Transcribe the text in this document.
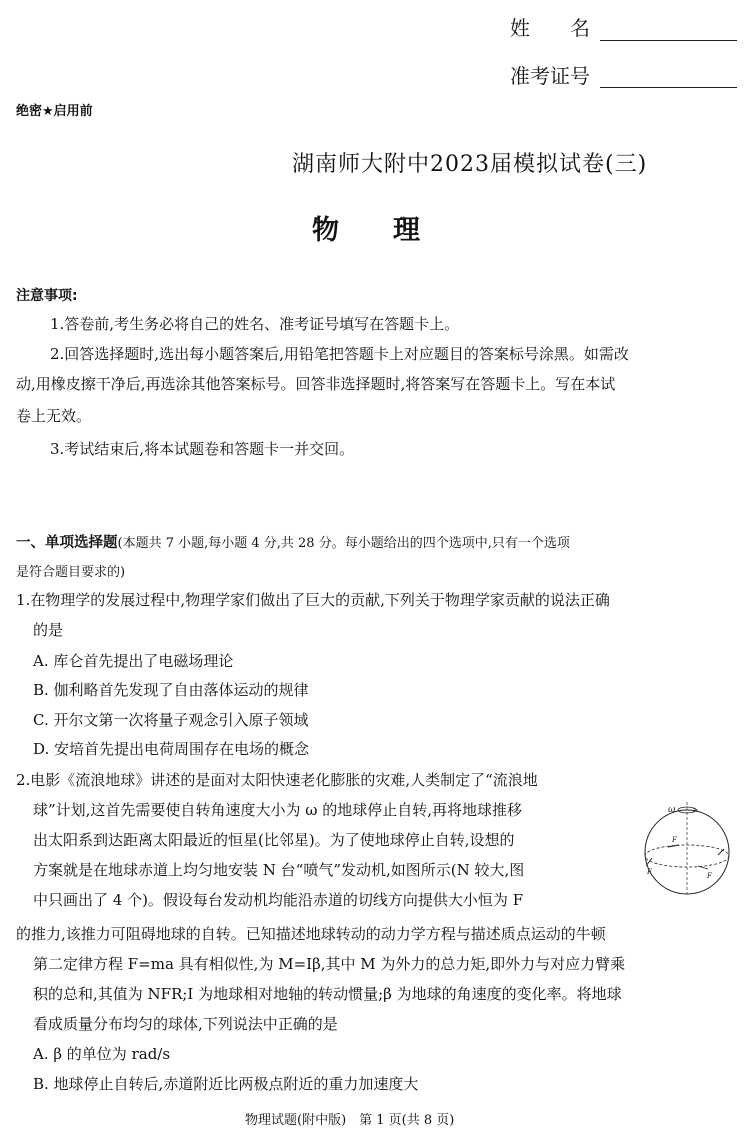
姓　　名
准考证号
绝密★启用前
湖南师大附中2023届模拟试卷(三)
物　　理
注意事项:
1.答卷前,考生务必将自己的姓名、准考证号填写在答题卡上。
2.回答选择题时,选出每小题答案后,用铅笔把答题卡上对应题目的答案标号涂黑。如需改
动,用橡皮擦干净后,再选涂其他答案标号。回答非选择题时,将答案写在答题卡上。写在本试
卷上无效。
3.考试结束后,将本试题卷和答题卡一并交回。
一、单项选择题(本题共 7 小题,每小题 4 分,共 28 分。每小题给出的四个选项中,只有一个选项
是符合题目要求的)
1.在物理学的发展过程中,物理学家们做出了巨大的贡献,下列关于物理学家贡献的说法正确
的是
A. 库仑首先提出了电磁场理论
B. 伽利略首先发现了自由落体运动的规律
C. 开尔文第一次将量子观念引入原子领域
D. 安培首先提出电荷周围存在电场的概念
2.电影《流浪地球》讲述的是面对太阳快速老化膨胀的灾难,人类制定了“流浪地
球”计划,这首先需要使自转角速度大小为 ω 的地球停止自转,再将地球推移
出太阳系到达距离太阳最近的恒星(比邻星)。为了使地球停止自转,设想的
方案就是在地球赤道上均匀地安装 N 台“喷气”发动机,如图所示(N 较大,图
中只画出了 4 个)。假设每台发动机均能沿赤道的切线方向提供大小恒为 F
的推力,该推力可阻碍地球的自转。已知描述地球转动的动力学方程与描述质点运动的牛顿
第二定律方程 F=ma 具有相似性,为 M=Iβ,其中 M 为外力的总力矩,即外力与对应力臂乘
积的总和,其值为 NFR;I 为地球相对地轴的转动惯量;β 为地球的角速度的变化率。将地球
看成质量分布均匀的球体,下列说法中正确的是
A. β 的单位为 rad/s
B. 地球停止自转后,赤道附近比两极点附近的重力加速度大
ω
F
F	F
物理试题(附中版)　第 1 页(共 8 页)
